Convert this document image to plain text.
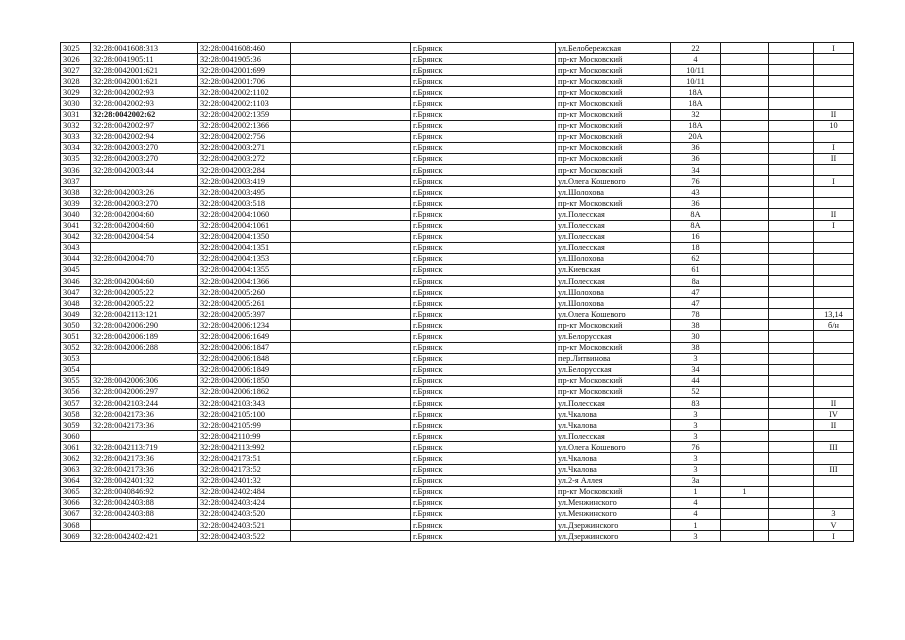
3025	32:28:0041608:313	32:28:0041608:460		г.Брянск	ул.Белобережская	22			I
3026	32:28:0041905:11	32:28:0041905:36		г.Брянск	пр-кт Московский	4			
3027	32:28:0042001:621	32:28:0042001:699		г.Брянск	пр-кт Московский	10/11			
3028	32:28:0042001:621	32:28:0042001:706		г.Брянск	пр-кт Московский	10/11			
3029	32:28:0042002:93	32:28:0042002:1102		г.Брянск	пр-кт Московский	18А			
3030	32:28:0042002:93	32:28:0042002:1103		г.Брянск	пр-кт Московский	18А			
3031	32:28:0042002:62	32:28:0042002:1359		г.Брянск	пр-кт Московский	32			II
3032	32:28:0042002:97	32:28:0042002:1366		г.Брянск	пр-кт Московский	18А			10
3033	32:28:0042002:94	32:28:0042002:756		г.Брянск	пр-кт Московский	20А			
3034	32:28:0042003:270	32:28:0042003:271		г.Брянск	пр-кт Московский	36			I
3035	32:28:0042003:270	32:28:0042003:272		г.Брянск	пр-кт Московский	36			II
3036	32:28:0042003:44	32:28:0042003:284		г.Брянск	пр-кт Московский	34			
3037		32:28:0042003:419		г.Брянск	ул.Олега Кошевого	76			I
3038	32:28:0042003:26	32:28:0042003:495		г.Брянск	ул.Шолохова	43			
3039	32:28:0042003:270	32:28:0042003:518		г.Брянск	пр-кт Московский	36			
3040	32:28:0042004:60	32:28:0042004:1060		г.Брянск	ул.Полесская	8А			II
3041	32:28:0042004:60	32:28:0042004:1061		г.Брянск	ул.Полесская	8А			I
3042	32:28:0042004:54	32:28:0042004:1350		г.Брянск	ул.Полесская	16			
3043		32:28:0042004:1351		г.Брянск	ул.Полесская	18			
3044	32:28:0042004:70	32:28:0042004:1353		г.Брянск	ул.Шолохова	62			
3045		32:28:0042004:1355		г.Брянск	ул.Киевская	61			
3046	32:28:0042004:60	32:28:0042004:1366		г.Брянск	ул.Полесская	8а			
3047	32:28:0042005:22	32:28:0042005:260		г.Брянск	ул.Шолохова	47			
3048	32:28:0042005:22	32:28:0042005:261		г.Брянск	ул.Шолохова	47			
3049	32:28:0042113:121	32:28:0042005:397		г.Брянск	ул.Олега Кошевого	78			13,14
3050	32:28:0042006:290	32:28:0042006:1234		г.Брянск	пр-кт Московский	38			б/н
3051	32:28:0042006:189	32:28:0042006:1649		г.Брянск	ул.Белорусская	30			
3052	32:28:0042006:288	32:28:0042006:1847		г.Брянск	пр-кт Московский	38			
3053		32:28:0042006:1848		г.Брянск	пер.Литвинова	3			
3054		32:28:0042006:1849		г.Брянск	ул.Белорусская	34			
3055	32:28:0042006:306	32:28:0042006:1850		г.Брянск	пр-кт Московский	44			
3056	32:28:0042006:297	32:28:0042006:1862		г.Брянск	пр-кт Московский	52			
3057	32:28:0042103:244	32:28:0042103:343		г.Брянск	ул.Полесская	83			II
3058	32:28:0042173:36	32:28:0042105:100		г.Брянск	ул.Чкалова	3			IV
3059	32:28:0042173:36	32:28:0042105:99		г.Брянск	ул.Чкалова	3			II
3060		32:28:0042110:99		г.Брянск	ул.Полесская	3			
3061	32:28:0042113:719	32:28:0042113:992		г.Брянск	ул.Олега Кошевого	76			III
3062	32:28:0042173:36	32:28:0042173:51		г.Брянск	ул.Чкалова	3			
3063	32:28:0042173:36	32:28:0042173:52		г.Брянск	ул.Чкалова	3			III
3064	32:28:0042401:32	32:28:0042401:32		г.Брянск	ул.2-я Аллея	3а			
3065	32:28:0040846:92	32:28:0042402:484		г.Брянск	пр-кт Московский	1	1		
3066	32:28:0042403:88	32:28:0042403:424		г.Брянск	ул.Менжинского	4			
3067	32:28:0042403:88	32:28:0042403:520		г.Брянск	ул.Менжинского	4			3
3068		32:28:0042403:521		г.Брянск	ул.Дзержинского	1			V
3069	32:28:0042402:421	32:28:0042403:522		г.Брянск	ул.Дзержинского	3			I
